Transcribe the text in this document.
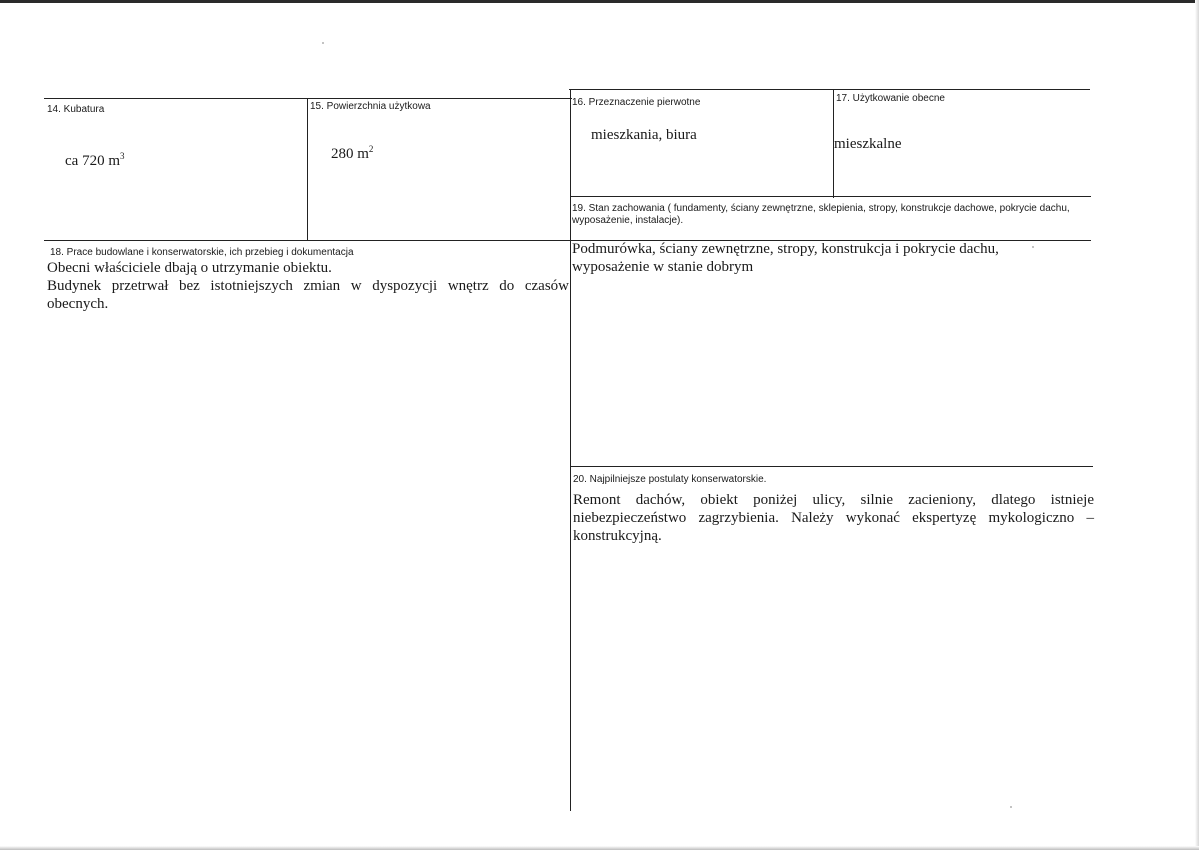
14. Kubatura
ca 720 $m^3$
15. Powierzchnia użytkowa
280 $m^2$
16. Przeznaczenie pierwotne
mieszkania, biura
17. Użytkowanie obecne
mieszkalne
19. Stan zachowania ( fundamenty, ściany zewnętrzne, sklepienia, stropy, konstrukcje dachowe, pokrycie dachu, wyposażenie, instalacje).
Podmurówka, ściany zewnętrzne, stropy, konstrukcja i pokrycie dachu, wyposażenie w stanie dobrym
18. Prace budowlane i konserwatorskie, ich przebieg i dokumentacja
Obecni właściciele dbają o utrzymanie obiektu.
Budynek przetrwał bez istotniejszych zmian w dyspozycji wnętrz do czasów obecnych.
20. Najpilniejsze postulaty konserwatorskie.
Remont dachów, obiekt poniżej ulicy, silnie zacieniony, dlatego istnieje niebezpieczeństwo zagrzybienia. Należy wykonać ekspertyzę mykologiczno – konstrukcyjną.
